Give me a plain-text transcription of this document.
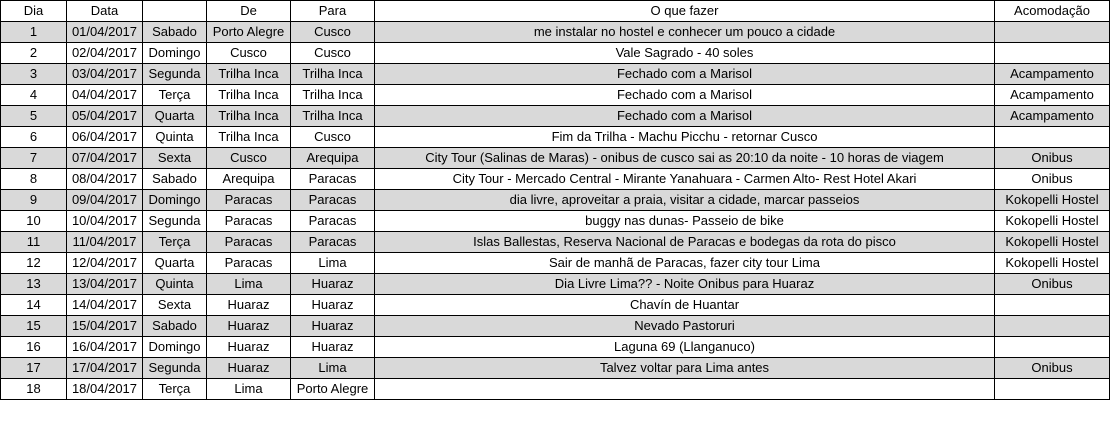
Dia	Data		De	Para	O que fazer	Acomodação
1	01/04/2017	Sabado	Porto Alegre	Cusco	me instalar no hostel e conhecer um pouco a cidade	
2	02/04/2017	Domingo	Cusco	Cusco	Vale Sagrado - 40 soles	
3	03/04/2017	Segunda	Trilha Inca	Trilha Inca	Fechado com a Marisol	Acampamento
4	04/04/2017	Terça	Trilha Inca	Trilha Inca	Fechado com a Marisol	Acampamento
5	05/04/2017	Quarta	Trilha Inca	Trilha Inca	Fechado com a Marisol	Acampamento
6	06/04/2017	Quinta	Trilha Inca	Cusco	Fim da Trilha - Machu Picchu - retornar Cusco	
7	07/04/2017	Sexta	Cusco	Arequipa	City Tour (Salinas de Maras) - onibus de cusco sai as 20:10 da noite - 10 horas de viagem	Onibus
8	08/04/2017	Sabado	Arequipa	Paracas	City Tour - Mercado Central - Mirante Yanahuara - Carmen Alto- Rest Hotel Akari	Onibus
9	09/04/2017	Domingo	Paracas	Paracas	dia livre, aproveitar a praia, visitar a cidade, marcar passeios	Kokopelli Hostel
10	10/04/2017	Segunda	Paracas	Paracas	buggy nas dunas- Passeio de bike	Kokopelli Hostel
11	11/04/2017	Terça	Paracas	Paracas	Islas Ballestas, Reserva Nacional de Paracas e bodegas da rota do pisco	Kokopelli Hostel
12	12/04/2017	Quarta	Paracas	Lima	Sair de manhã de Paracas, fazer city tour Lima	Kokopelli Hostel
13	13/04/2017	Quinta	Lima	Huaraz	Dia Livre Lima?? - Noite Onibus para Huaraz	Onibus
14	14/04/2017	Sexta	Huaraz	Huaraz	Chavín de Huantar	
15	15/04/2017	Sabado	Huaraz	Huaraz	Nevado Pastoruri	
16	16/04/2017	Domingo	Huaraz	Huaraz	Laguna 69 (Llanganuco)	
17	17/04/2017	Segunda	Huaraz	Lima	Talvez voltar para Lima antes	Onibus
18	18/04/2017	Terça	Lima	Porto Alegre		
